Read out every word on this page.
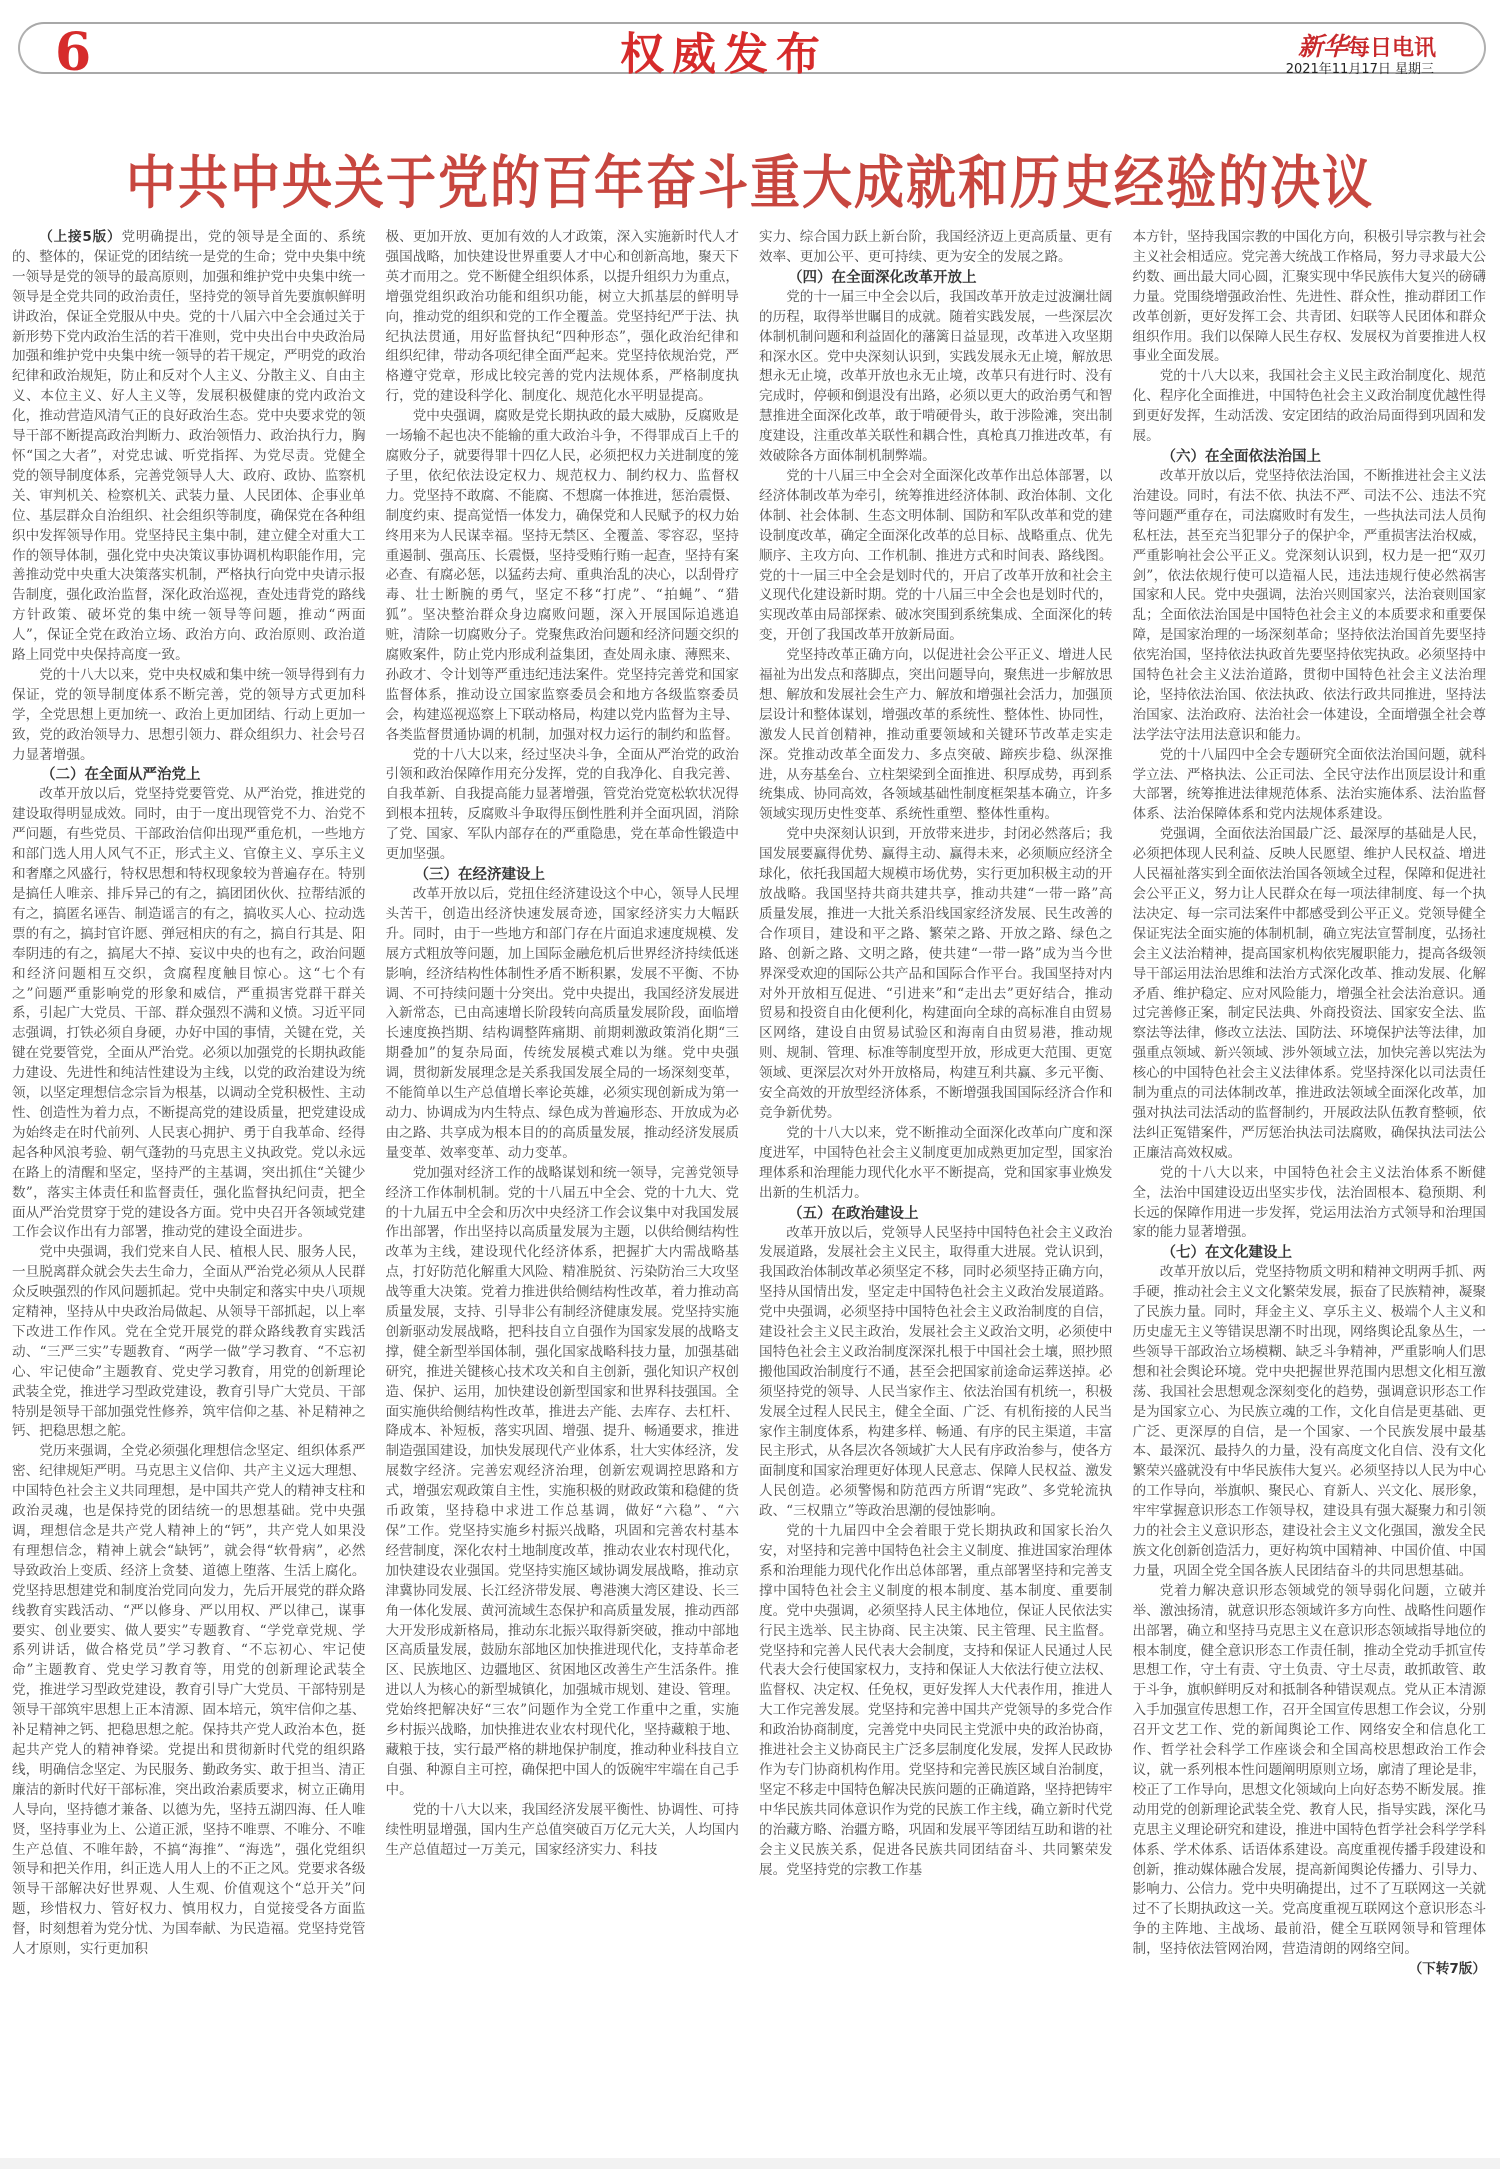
6	权威发布	新华每日电讯
2021年11月17日 星期三
中共中央关于党的百年奋斗重大成就和历史经验的决议

（上接5版）党明确提出，党的领导是全面的、系统的、整体的，保证党的团结统一是党的生命；党中央集中统一领导是党的领导的最高原则，加强和维护党中央集中统一领导是全党共同的政治责任，坚持党的领导首先要旗帜鲜明讲政治，保证全党服从中央。党的十八届六中全会通过关于新形势下党内政治生活的若干准则，党中央出台中央政治局加强和维护党中央集中统一领导的若干规定，严明党的政治纪律和政治规矩，防止和反对个人主义、分散主义、自由主义、本位主义、好人主义等，发展积极健康的党内政治文化，推动营造风清气正的良好政治生态。党中央要求党的领导干部不断提高政治判断力、政治领悟力、政治执行力，胸怀“国之大者”，对党忠诚、听党指挥、为党尽责。党健全党的领导制度体系，完善党领导人大、政府、政协、监察机关、审判机关、检察机关、武装力量、人民团体、企事业单位、基层群众自治组织、社会组织等制度，确保党在各种组织中发挥领导作用。党坚持民主集中制，建立健全对重大工作的领导体制，强化党中央决策议事协调机构职能作用，完善推动党中央重大决策落实机制，严格执行向党中央请示报告制度，强化政治监督，深化政治巡视，查处违背党的路线方针政策、破坏党的集中统一领导等问题，推动“两面人”，保证全党在政治立场、政治方向、政治原则、政治道路上同党中央保持高度一致。

党的十八大以来，党中央权威和集中统一领导得到有力保证，党的领导制度体系不断完善，党的领导方式更加科学，全党思想上更加统一、政治上更加团结、行动上更加一致，党的政治领导力、思想引领力、群众组织力、社会号召力显著增强。

（二）在全面从严治党上

改革开放以后，党坚持党要管党、从严治党，推进党的建设取得明显成效。同时，由于一度出现管党不力、治党不严问题，有些党员、干部政治信仰出现严重危机，一些地方和部门选人用人风气不正，形式主义、官僚主义、享乐主义和奢靡之风盛行，特权思想和特权现象较为普遍存在。特别是搞任人唯亲、排斥异己的有之，搞团团伙伙、拉帮结派的有之，搞匿名诬告、制造谣言的有之，搞收买人心、拉动选票的有之，搞封官许愿、弹冠相庆的有之，搞自行其是、阳奉阴违的有之，搞尾大不掉、妄议中央的也有之，政治问题和经济问题相互交织，贪腐程度触目惊心。这“七个有之”问题严重影响党的形象和威信，严重损害党群干群关系，引起广大党员、干部、群众强烈不满和义愤。习近平同志强调，打铁必须自身硬，办好中国的事情，关键在党，关键在党要管党，全面从严治党。必须以加强党的长期执政能力建设、先进性和纯洁性建设为主线，以党的政治建设为统领，以坚定理想信念宗旨为根基，以调动全党积极性、主动性、创造性为着力点，不断提高党的建设质量，把党建设成为始终走在时代前列、人民衷心拥护、勇于自我革命、经得起各种风浪考验、朝气蓬勃的马克思主义执政党。党以永远在路上的清醒和坚定，坚持严的主基调，突出抓住“关键少数”，落实主体责任和监督责任，强化监督执纪问责，把全面从严治党贯穿于党的建设各方面。党中央召开各领域党建工作会议作出有力部署，推动党的建设全面进步。

党中央强调，我们党来自人民、植根人民、服务人民，一旦脱离群众就会失去生命力，全面从严治党必须从人民群众反映强烈的作风问题抓起。党中央制定和落实中央八项规定精神，坚持从中央政治局做起、从领导干部抓起，以上率下改进工作作风。党在全党开展党的群众路线教育实践活动、“三严三实”专题教育、“两学一做”学习教育、“不忘初心、牢记使命”主题教育、党史学习教育，用党的创新理论武装全党，推进学习型政党建设，教育引导广大党员、干部特别是领导干部加强党性修养，筑牢信仰之基、补足精神之钙、把稳思想之舵。

党历来强调，全党必须强化理想信念坚定、组织体系严密、纪律规矩严明。马克思主义信仰、共产主义远大理想、中国特色社会主义共同理想，是中国共产党人的精神支柱和政治灵魂，也是保持党的团结统一的思想基础。党中央强调，理想信念是共产党人精神上的“钙”，共产党人如果没有理想信念，精神上就会“缺钙”，就会得“软骨病”，必然导致政治上变质、经济上贪婪、道德上堕落、生活上腐化。党坚持思想建党和制度治党同向发力，先后开展党的群众路线教育实践活动、“严以修身、严以用权、严以律己，谋事要实、创业要实、做人要实”专题教育、“学党章党规、学系列讲话，做合格党员”学习教育、“不忘初心、牢记使命”主题教育、党史学习教育等，用党的创新理论武装全党，推进学习型政党建设，教育引导广大党员、干部特别是领导干部筑牢思想上正本清源、固本培元，筑牢信仰之基、补足精神之钙、把稳思想之舵。保持共产党人政治本色，挺起共产党人的精神脊梁。党提出和贯彻新时代党的组织路线，明确信念坚定、为民服务、勤政务实、敢于担当、清正廉洁的新时代好干部标准，突出政治素质要求，树立正确用人导向，坚持德才兼备、以德为先，坚持五湖四海、任人唯贤，坚持事业为上、公道正派，坚持不唯票、不唯分、不唯生产总值、不唯年龄，不搞“海推”、“海选”，强化党组织领导和把关作用，纠正选人用人上的不正之风。党要求各级领导干部解决好世界观、人生观、价值观这个“总开关”问题，珍惜权力、管好权力、慎用权力，自觉接受各方面监督，时刻想着为党分忧、为国奉献、为民造福。党坚持党管人才原则，实行更加积

极、更加开放、更加有效的人才政策，深入实施新时代人才强国战略，加快建设世界重要人才中心和创新高地，聚天下英才而用之。党不断健全组织体系，以提升组织力为重点，增强党组织政治功能和组织功能，树立大抓基层的鲜明导向，推动党的组织和党的工作全覆盖。党坚持纪严于法、执纪执法贯通，用好监督执纪“四种形态”，强化政治纪律和组织纪律，带动各项纪律全面严起来。党坚持依规治党，严格遵守党章，形成比较完善的党内法规体系，严格制度执行，党的建设科学化、制度化、规范化水平明显提高。

党中央强调，腐败是党长期执政的最大威胁，反腐败是一场输不起也决不能输的重大政治斗争，不得罪成百上千的腐败分子，就要得罪十四亿人民，必须把权力关进制度的笼子里，依纪依法设定权力、规范权力、制约权力、监督权力。党坚持不敢腐、不能腐、不想腐一体推进，惩治震慑、制度约束、提高觉悟一体发力，确保党和人民赋予的权力始终用来为人民谋幸福。坚持无禁区、全覆盖、零容忍，坚持重遏制、强高压、长震慑，坚持受贿行贿一起查，坚持有案必查、有腐必惩，以猛药去疴、重典治乱的决心，以刮骨疗毒、壮士断腕的勇气，坚定不移“打虎”、“拍蝇”、“猎狐”。坚决整治群众身边腐败问题，深入开展国际追逃追赃，清除一切腐败分子。党聚焦政治问题和经济问题交织的腐败案件，防止党内形成利益集团，查处周永康、薄熙来、孙政才、令计划等严重违纪违法案件。党坚持完善党和国家监督体系，推动设立国家监察委员会和地方各级监察委员会，构建巡视巡察上下联动格局，构建以党内监督为主导、各类监督贯通协调的机制，加强对权力运行的制约和监督。

党的十八大以来，经过坚决斗争，全面从严治党的政治引领和政治保障作用充分发挥，党的自我净化、自我完善、自我革新、自我提高能力显著增强，管党治党宽松软状况得到根本扭转，反腐败斗争取得压倒性胜利并全面巩固，消除了党、国家、军队内部存在的严重隐患，党在革命性锻造中更加坚强。

（三）在经济建设上

改革开放以后，党扭住经济建设这个中心，领导人民埋头苦干，创造出经济快速发展奇迹，国家经济实力大幅跃升。同时，由于一些地方和部门存在片面追求速度规模、发展方式粗放等问题，加上国际金融危机后世界经济持续低迷影响，经济结构性体制性矛盾不断积累，发展不平衡、不协调、不可持续问题十分突出。党中央提出，我国经济发展进入新常态，已由高速增长阶段转向高质量发展阶段，面临增长速度换挡期、结构调整阵痛期、前期刺激政策消化期“三期叠加”的复杂局面，传统发展模式难以为继。党中央强调，贯彻新发展理念是关系我国发展全局的一场深刻变革，不能简单以生产总值增长率论英雄，必须实现创新成为第一动力、协调成为内生特点、绿色成为普遍形态、开放成为必由之路、共享成为根本目的的高质量发展，推动经济发展质量变革、效率变革、动力变革。

党加强对经济工作的战略谋划和统一领导，完善党领导经济工作体制机制。党的十八届五中全会、党的十九大、党的十九届五中全会和历次中央经济工作会议集中对我国发展作出部署，作出坚持以高质量发展为主题，以供给侧结构性改革为主线，建设现代化经济体系，把握扩大内需战略基点，打好防范化解重大风险、精准脱贫、污染防治三大攻坚战等重大决策。党着力推进供给侧结构性改革，着力推动高质量发展，支持、引导非公有制经济健康发展。党坚持实施创新驱动发展战略，把科技自立自强作为国家发展的战略支撑，健全新型举国体制，强化国家战略科技力量，加强基础研究，推进关键核心技术攻关和自主创新，强化知识产权创造、保护、运用，加快建设创新型国家和世界科技强国。全面实施供给侧结构性改革，推进去产能、去库存、去杠杆、降成本、补短板，落实巩固、增强、提升、畅通要求，推进制造强国建设，加快发展现代产业体系，壮大实体经济，发展数字经济。完善宏观经济治理，创新宏观调控思路和方式，增强宏观政策自主性，实施积极的财政政策和稳健的货币政策，坚持稳中求进工作总基调，做好“六稳”、“六保”工作。党坚持实施乡村振兴战略，巩固和完善农村基本经营制度，深化农村土地制度改革，推动农业农村现代化，加快建设农业强国。党坚持实施区域协调发展战略，推动京津冀协同发展、长江经济带发展、粤港澳大湾区建设、长三角一体化发展、黄河流域生态保护和高质量发展，推动西部大开发形成新格局，推动东北振兴取得新突破，推动中部地区高质量发展，鼓励东部地区加快推进现代化，支持革命老区、民族地区、边疆地区、贫困地区改善生产生活条件。推进以人为核心的新型城镇化，加强城市规划、建设、管理。党始终把解决好“三农”问题作为全党工作重中之重，实施乡村振兴战略，加快推进农业农村现代化，坚持藏粮于地、藏粮于技，实行最严格的耕地保护制度，推动种业科技自立自强、种源自主可控，确保把中国人的饭碗牢牢端在自己手中。

党的十八大以来，我国经济发展平衡性、协调性、可持续性明显增强，国内生产总值突破百万亿元大关，人均国内生产总值超过一万美元，国家经济实力、科技

实力、综合国力跃上新台阶，我国经济迈上更高质量、更有效率、更加公平、更可持续、更为安全的发展之路。

（四）在全面深化改革开放上

党的十一届三中全会以后，我国改革开放走过波澜壮阔的历程，取得举世瞩目的成就。随着实践发展，一些深层次体制机制问题和利益固化的藩篱日益显现，改革进入攻坚期和深水区。党中央深刻认识到，实践发展永无止境，解放思想永无止境，改革开放也永无止境，改革只有进行时、没有完成时，停顿和倒退没有出路，必须以更大的政治勇气和智慧推进全面深化改革，敢于啃硬骨头，敢于涉险滩，突出制度建设，注重改革关联性和耦合性，真枪真刀推进改革，有效破除各方面体制机制弊端。

党的十八届三中全会对全面深化改革作出总体部署，以经济体制改革为牵引，统筹推进经济体制、政治体制、文化体制、社会体制、生态文明体制、国防和军队改革和党的建设制度改革，确定全面深化改革的总目标、战略重点、优先顺序、主攻方向、工作机制、推进方式和时间表、路线图。党的十一届三中全会是划时代的，开启了改革开放和社会主义现代化建设新时期。党的十八届三中全会也是划时代的，实现改革由局部探索、破冰突围到系统集成、全面深化的转变，开创了我国改革开放新局面。

党坚持改革正确方向，以促进社会公平正义、增进人民福祉为出发点和落脚点，突出问题导向，聚焦进一步解放思想、解放和发展社会生产力、解放和增强社会活力，加强顶层设计和整体谋划，增强改革的系统性、整体性、协同性，激发人民首创精神，推动重要领域和关键环节改革走实走深。党推动改革全面发力、多点突破、蹄疾步稳、纵深推进，从夯基垒台、立柱架梁到全面推进、积厚成势，再到系统集成、协同高效，各领域基础性制度框架基本确立，许多领域实现历史性变革、系统性重塑、整体性重构。

党中央深刻认识到，开放带来进步，封闭必然落后；我国发展要赢得优势、赢得主动、赢得未来，必须顺应经济全球化，依托我国超大规模市场优势，实行更加积极主动的开放战略。我国坚持共商共建共享，推动共建“一带一路”高质量发展，推进一大批关系沿线国家经济发展、民生改善的合作项目，建设和平之路、繁荣之路、开放之路、绿色之路、创新之路、文明之路，使共建“一带一路”成为当今世界深受欢迎的国际公共产品和国际合作平台。我国坚持对内对外开放相互促进、“引进来”和“走出去”更好结合，推动贸易和投资自由化便利化，构建面向全球的高标准自由贸易区网络，建设自由贸易试验区和海南自由贸易港，推动规则、规制、管理、标准等制度型开放，形成更大范围、更宽领域、更深层次对外开放格局，构建互利共赢、多元平衡、安全高效的开放型经济体系，不断增强我国国际经济合作和竞争新优势。

党的十八大以来，党不断推动全面深化改革向广度和深度进军，中国特色社会主义制度更加成熟更加定型，国家治理体系和治理能力现代化水平不断提高，党和国家事业焕发出新的生机活力。

（五）在政治建设上

改革开放以后，党领导人民坚持中国特色社会主义政治发展道路，发展社会主义民主，取得重大进展。党认识到，我国政治体制改革必须坚定不移，同时必须坚持正确方向，坚持从国情出发，坚定走中国特色社会主义政治发展道路。党中央强调，必须坚持中国特色社会主义政治制度的自信，建设社会主义民主政治，发展社会主义政治文明，必须使中国特色社会主义政治制度深深扎根于中国社会土壤，照抄照搬他国政治制度行不通，甚至会把国家前途命运葬送掉。必须坚持党的领导、人民当家作主、依法治国有机统一，积极发展全过程人民民主，健全全面、广泛、有机衔接的人民当家作主制度体系，构建多样、畅通、有序的民主渠道，丰富民主形式，从各层次各领域扩大人民有序政治参与，使各方面制度和国家治理更好体现人民意志、保障人民权益、激发人民创造。必须警惕和防范西方所谓“宪政”、多党轮流执政、“三权鼎立”等政治思潮的侵蚀影响。

党的十九届四中全会着眼于党长期执政和国家长治久安，对坚持和完善中国特色社会主义制度、推进国家治理体系和治理能力现代化作出总体部署，重点部署坚持和完善支撑中国特色社会主义制度的根本制度、基本制度、重要制度。党中央强调，必须坚持人民主体地位，保证人民依法实行民主选举、民主协商、民主决策、民主管理、民主监督。党坚持和完善人民代表大会制度，支持和保证人民通过人民代表大会行使国家权力，支持和保证人大依法行使立法权、监督权、决定权、任免权，更好发挥人大代表作用，推进人大工作完善发展。党坚持和完善中国共产党领导的多党合作和政治协商制度，完善党中央同民主党派中央的政治协商，推进社会主义协商民主广泛多层制度化发展，发挥人民政协作为专门协商机构作用。党坚持和完善民族区域自治制度，坚定不移走中国特色解决民族问题的正确道路，坚持把铸牢中华民族共同体意识作为党的民族工作主线，确立新时代党的治藏方略、治疆方略，巩固和发展平等团结互助和谐的社会主义民族关系，促进各民族共同团结奋斗、共同繁荣发展。党坚持党的宗教工作基

本方针，坚持我国宗教的中国化方向，积极引导宗教与社会主义社会相适应。党完善大统战工作格局，努力寻求最大公约数、画出最大同心圆，汇聚实现中华民族伟大复兴的磅礴力量。党围绕增强政治性、先进性、群众性，推动群团工作改革创新，更好发挥工会、共青团、妇联等人民团体和群众组织作用。我们以保障人民生存权、发展权为首要推进人权事业全面发展。

党的十八大以来，我国社会主义民主政治制度化、规范化、程序化全面推进，中国特色社会主义政治制度优越性得到更好发挥，生动活泼、安定团结的政治局面得到巩固和发展。

（六）在全面依法治国上

改革开放以后，党坚持依法治国，不断推进社会主义法治建设。同时，有法不依、执法不严、司法不公、违法不究等问题严重存在，司法腐败时有发生，一些执法司法人员徇私枉法，甚至充当犯罪分子的保护伞，严重损害法治权威，严重影响社会公平正义。党深刻认识到，权力是一把“双刃剑”，依法依规行使可以造福人民，违法违规行使必然祸害国家和人民。党中央强调，法治兴则国家兴，法治衰则国家乱；全面依法治国是中国特色社会主义的本质要求和重要保障，是国家治理的一场深刻革命；坚持依法治国首先要坚持依宪治国，坚持依法执政首先要坚持依宪执政。必须坚持中国特色社会主义法治道路，贯彻中国特色社会主义法治理论，坚持依法治国、依法执政、依法行政共同推进，坚持法治国家、法治政府、法治社会一体建设，全面增强全社会尊法学法守法用法意识和能力。

党的十八届四中全会专题研究全面依法治国问题，就科学立法、严格执法、公正司法、全民守法作出顶层设计和重大部署，统筹推进法律规范体系、法治实施体系、法治监督体系、法治保障体系和党内法规体系建设。

党强调，全面依法治国最广泛、最深厚的基础是人民，必须把体现人民利益、反映人民愿望、维护人民权益、增进人民福祉落实到全面依法治国各领域全过程，保障和促进社会公平正义，努力让人民群众在每一项法律制度、每一个执法决定、每一宗司法案件中都感受到公平正义。党领导健全保证宪法全面实施的体制机制，确立宪法宣誓制度，弘扬社会主义法治精神，提高国家机构依宪履职能力，提高各级领导干部运用法治思维和法治方式深化改革、推动发展、化解矛盾、维护稳定、应对风险能力，增强全社会法治意识。通过完善修正案，制定民法典、外商投资法、国家安全法、监察法等法律，修改立法法、国防法、环境保护法等法律，加强重点领域、新兴领域、涉外领域立法，加快完善以宪法为核心的中国特色社会主义法律体系。党坚持深化以司法责任制为重点的司法体制改革，推进政法领域全面深化改革，加强对执法司法活动的监督制约，开展政法队伍教育整顿，依法纠正冤错案件，严厉惩治执法司法腐败，确保执法司法公正廉洁高效权威。

党的十八大以来，中国特色社会主义法治体系不断健全，法治中国建设迈出坚实步伐，法治固根本、稳预期、利长远的保障作用进一步发挥，党运用法治方式领导和治理国家的能力显著增强。

（七）在文化建设上

改革开放以后，党坚持物质文明和精神文明两手抓、两手硬，推动社会主义文化繁荣发展，振奋了民族精神，凝聚了民族力量。同时，拜金主义、享乐主义、极端个人主义和历史虚无主义等错误思潮不时出现，网络舆论乱象丛生，一些领导干部政治立场模糊、缺乏斗争精神，严重影响人们思想和社会舆论环境。党中央把握世界范围内思想文化相互激荡、我国社会思想观念深刻变化的趋势，强调意识形态工作是为国家立心、为民族立魂的工作，文化自信是更基础、更广泛、更深厚的自信，是一个国家、一个民族发展中最基本、最深沉、最持久的力量，没有高度文化自信、没有文化繁荣兴盛就没有中华民族伟大复兴。必须坚持以人民为中心的工作导向，举旗帜、聚民心、育新人、兴文化、展形象，牢牢掌握意识形态工作领导权，建设具有强大凝聚力和引领力的社会主义意识形态，建设社会主义文化强国，激发全民族文化创新创造活力，更好构筑中国精神、中国价值、中国力量，巩固全党全国各族人民团结奋斗的共同思想基础。

党着力解决意识形态领域党的领导弱化问题，立破并举、激浊扬清，就意识形态领域许多方向性、战略性问题作出部署，确立和坚持马克思主义在意识形态领域指导地位的根本制度，健全意识形态工作责任制，推动全党动手抓宣传思想工作，守土有责、守土负责、守土尽责，敢抓敢管、敢于斗争，旗帜鲜明反对和抵制各种错误观点。党从正本清源入手加强宣传思想工作，召开全国宣传思想工作会议，分别召开文艺工作、党的新闻舆论工作、网络安全和信息化工作、哲学社会科学工作座谈会和全国高校思想政治工作会议，就一系列根本性问题阐明原则立场，廓清了理论是非，校正了工作导向，思想文化领域向上向好态势不断发展。推动用党的创新理论武装全党、教育人民，指导实践，深化马克思主义理论研究和建设，推进中国特色哲学社会科学学科体系、学术体系、话语体系建设。高度重视传播手段建设和创新，推动媒体融合发展，提高新闻舆论传播力、引导力、影响力、公信力。党中央明确提出，过不了互联网这一关就过不了长期执政这一关。党高度重视互联网这个意识形态斗争的主阵地、主战场、最前沿，健全互联网领导和管理体制，坚持依法管网治网，营造清朗的网络空间。
（下转7版）
